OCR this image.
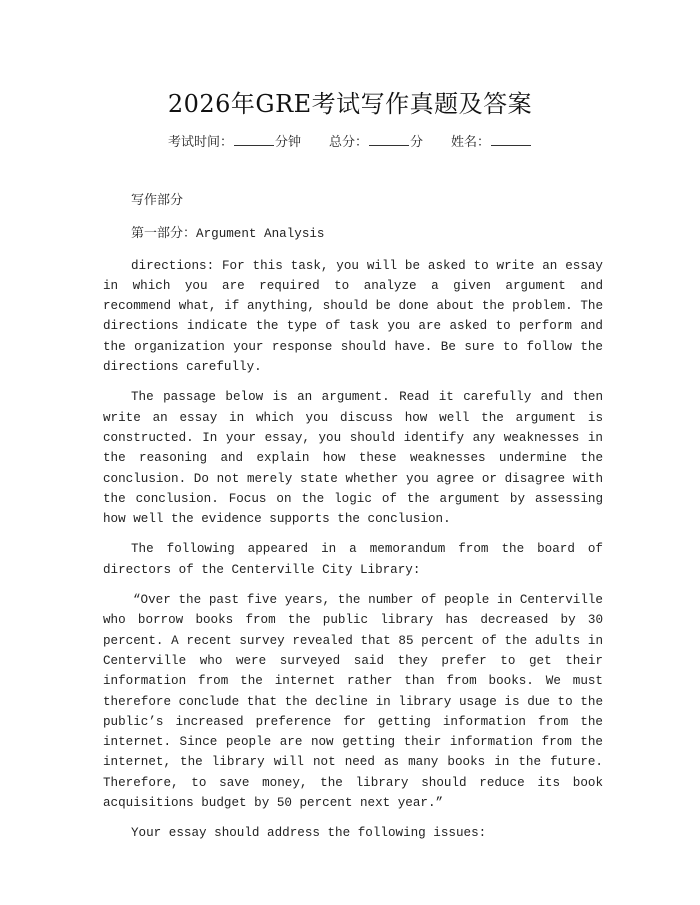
2026年GRE考试写作真题及答案
考试时间：	分钟 总分：	分 姓名：
写作部分
第一部分：Argument Analysis

directions: For this task, you will be asked to write an essay in which you are required to analyze a given argument and recommend what, if anything, should be done about the problem. The directions indicate the type of task you are asked to perform and the organization your response should have. Be sure to follow the directions carefully.

The passage below is an argument. Read it carefully and then write an essay in which you discuss how well the argument is constructed. In your essay, you should identify any weaknesses in the reasoning and explain how these weaknesses undermine the conclusion. Do not merely state whether you agree or disagree with the conclusion. Focus on the logic of the argument by assessing how well the evidence supports the conclusion.

The following appeared in a memorandum from the board of directors of the Centerville City Library:

“Over the past five years, the number of people in Centerville who borrow books from the public library has decreased by 30 percent. A recent survey revealed that 85 percent of the adults in Centerville who were surveyed said they prefer to get their information from the internet rather than from books. We must therefore conclude that the decline in library usage is due to the public’s increased preference for getting information from the internet. Since people are now getting their information from the internet, the library will not need as many books in the future. Therefore, to save money, the library should reduce its book acquisitions budget by 50 percent next year.”

Your essay should address the following issues:
